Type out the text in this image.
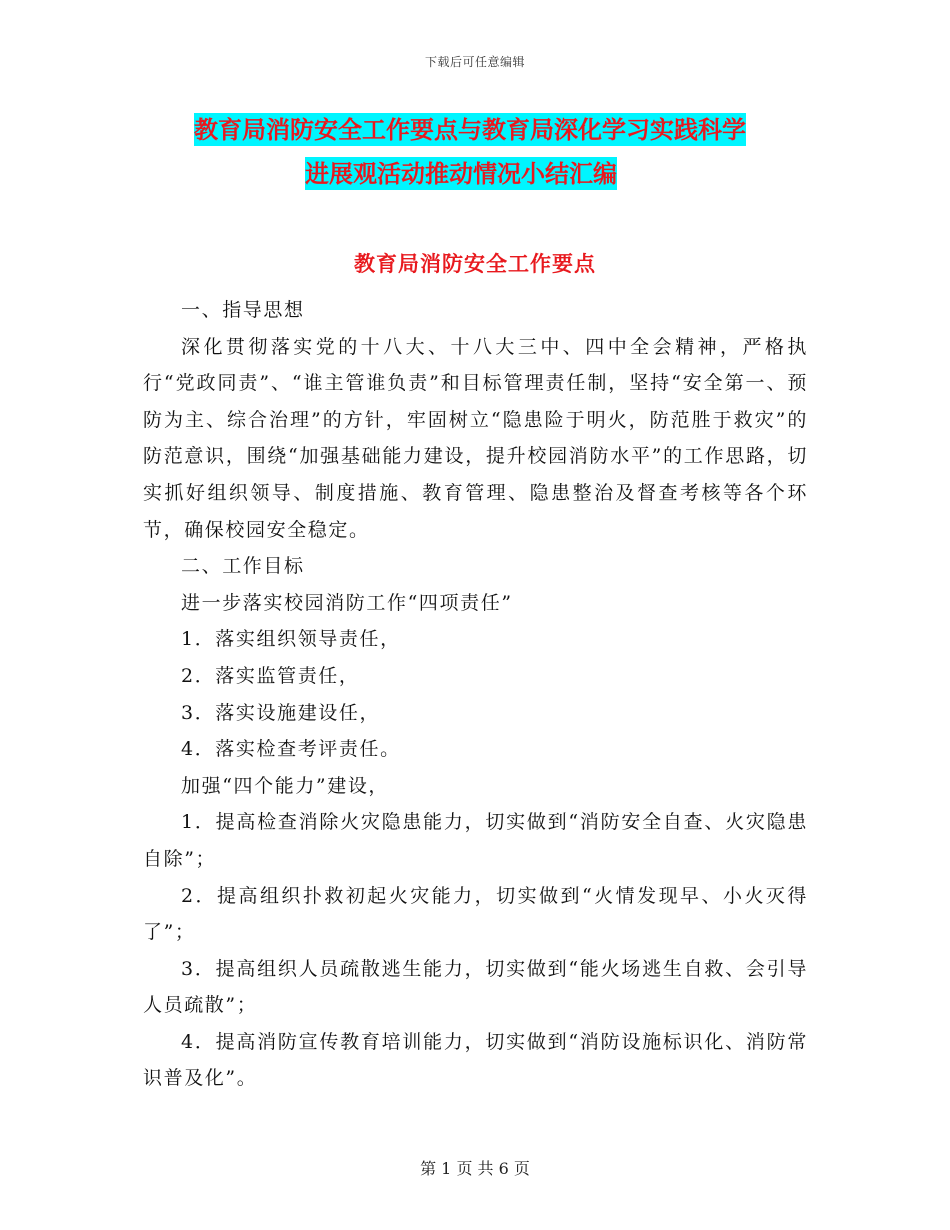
下载后可任意编辑
教育局消防安全工作要点与教育局深化学习实践科学
进展观活动推动情况小结汇编
教育局消防安全工作要点

一、指导思想

深化贯彻落实党的十八大、十八大三中、四中全会精神，严格执行“党政同责”、“谁主管谁负责”和目标管理责任制，坚持“安全第一、预防为主、综合治理”的方针，牢固树立“隐患险于明火，防范胜于救灾”的防范意识，围绕“加强基础能力建设，提升校园消防水平”的工作思路，切实抓好组织领导、制度措施、教育管理、隐患整治及督查考核等各个环节，确保校园安全稳定。

二、工作目标

进一步落实校园消防工作“四项责任”

1．落实组织领导责任，

2．落实监管责任，

3．落实设施建设任，

4．落实检查考评责任。

加强“四个能力”建设，

1．提高检查消除火灾隐患能力，切实做到“消防安全自查、火灾隐患自除”；

2．提高组织扑救初起火灾能力，切实做到“火情发现早、小火灭得了”；

3．提高组织人员疏散逃生能力，切实做到“能火场逃生自救、会引导人员疏散”；

4．提高消防宣传教育培训能力，切实做到“消防设施标识化、消防常识普及化”。

第 1 页 共 6 页
